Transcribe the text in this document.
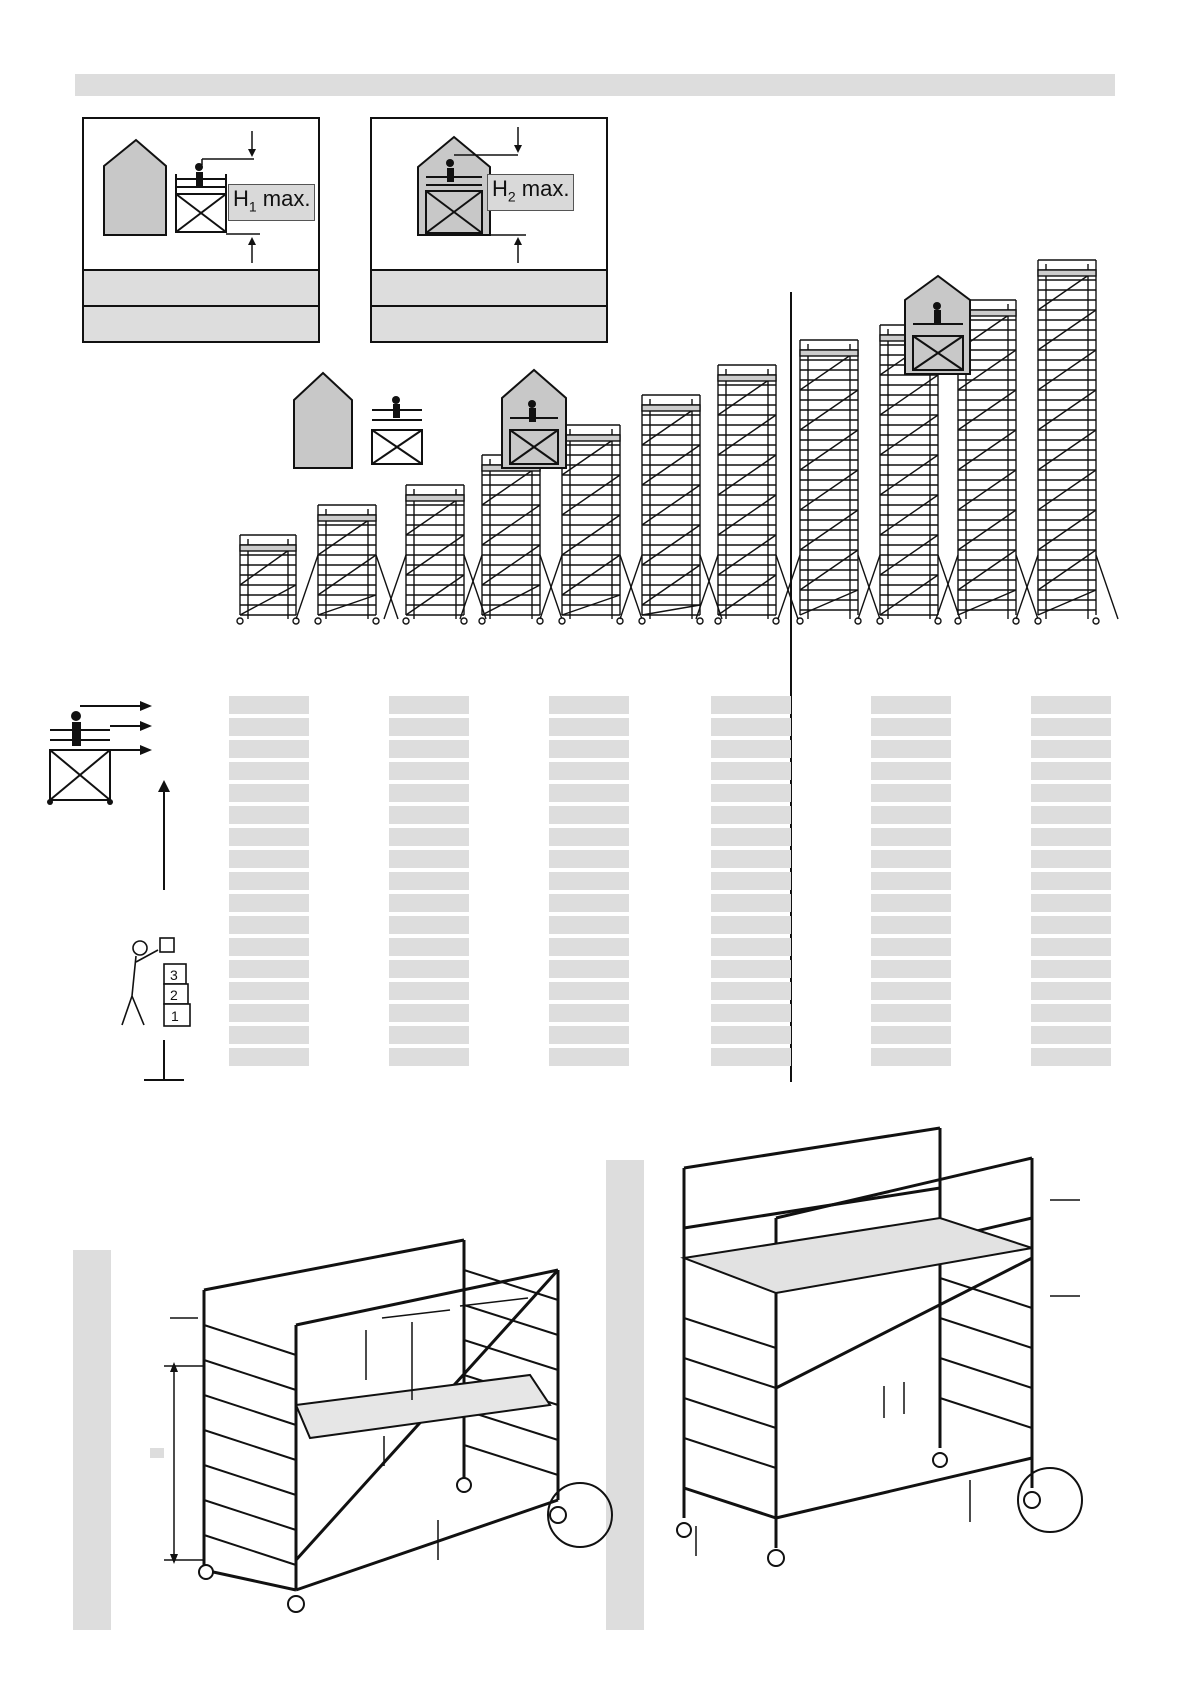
$H_1$ max.	$H_2$ max.
3
2
1
